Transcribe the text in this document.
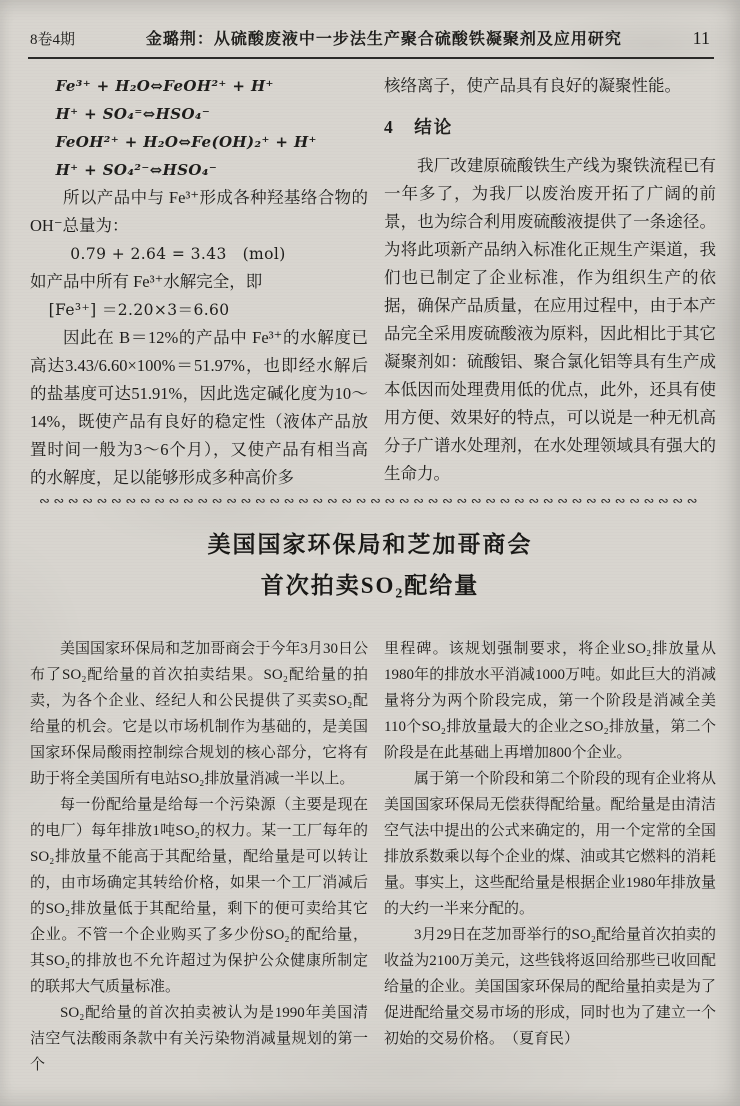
8卷4期	金璐荆：从硫酸废液中一步法生产聚合硫酸铁凝聚剂及应用研究	11
Fe³⁺ + H₂O⇔FeOH²⁺ + H⁺
H⁺ + SO₄⁼⇔HSO₄⁻
FeOH²⁺ + H₂O⇔Fe(OH)₂⁺ + H⁺
H⁺ + SO₄²⁻⇔HSO₄⁻

所以产品中与 Fe³⁺形成各种羟基络合物的 OH⁻总量为：

0.79 + 2.64 = 3.43　(mol)

如产品中所有 Fe³⁺水解完全，即

[Fe³⁺] ＝2.20×3＝6.60

因此在 B＝12%的产品中 Fe³⁺的水解度已高达3.43/6.60×100%＝51.97%，也即经水解后的盐基度可达51.91%，因此选定碱化度为10～14%，既使产品有良好的稳定性（液体产品放置时间一般为3～6个月），又使产品有相当高的水解度，足以能够形成多种高价多

核络离子，使产品具有良好的凝聚性能。

4　结论

我厂改建原硫酸铁生产线为聚铁流程已有一年多了，为我厂以废治废开拓了广阔的前景，也为综合利用废硫酸液提供了一条途径。为将此项新产品纳入标准化正规生产渠道，我们也已制定了企业标准，作为组织生产的依据，确保产品质量，在应用过程中，由于本产品完全采用废硫酸液为原料，因此相比于其它凝聚剂如：硫酸铝、聚合氯化铝等具有生产成本低因而处理费用低的优点，此外，还具有使用方便、效果好的特点，可以说是一种无机高分子广谱水处理剂，在水处理领域具有强大的生命力。

∾∾∾∾∾∾∾∾∾∾∾∾∾∾∾∾∾∾∾∾∾∾∾∾∾∾∾∾∾∾∾∾∾∾∾∾∾∾∾∾∾∾∾∾∾∾
美国国家环保局和芝加哥商会
首次拍卖SO₂配给量

美国国家环保局和芝加哥商会于今年3月30日公布了SO₂配给量的首次拍卖结果。SO₂配给量的拍卖，为各个企业、经纪人和公民提供了买卖SO₂配给量的机会。它是以市场机制作为基础的，是美国国家环保局酸雨控制综合规划的核心部分，它将有助于将全美国所有电站SO₂排放量消减一半以上。

每一份配给量是给每一个污染源（主要是现在的电厂）每年排放1吨SO₂的权力。某一工厂每年的SO₂排放量不能高于其配给量，配给量是可以转让的，由市场确定其转给价格，如果一个工厂消减后的SO₂排放量低于其配给量，剩下的便可卖给其它企业。不管一个企业购买了多少份SO₂的配给量，其SO₂的排放也不允许超过为保护公众健康所制定的联邦大气质量标准。

SO₂配给量的首次拍卖被认为是1990年美国清洁空气法酸雨条款中有关污染物消减量规划的第一个

里程碑。该规划强制要求，将企业SO₂排放量从1980年的排放水平消减1000万吨。如此巨大的消减量将分为两个阶段完成，第一个阶段是消减全美110个SO₂排放量最大的企业之SO₂排放量，第二个阶段是在此基础上再增加800个企业。

属于第一个阶段和第二个阶段的现有企业将从美国国家环保局无偿获得配给量。配给量是由清洁空气法中提出的公式来确定的，用一个定常的全国排放系数乘以每个企业的煤、油或其它燃料的消耗量。事实上，这些配给量是根据企业1980年排放量的大约一半来分配的。

3月29日在芝加哥举行的SO₂配给量首次拍卖的收益为2100万美元，这些钱将返回给那些已收回配给量的企业。美国国家环保局的配给量拍卖是为了促进配给量交易市场的形成，同时也为了建立一个初始的交易价格。　（夏育民）
